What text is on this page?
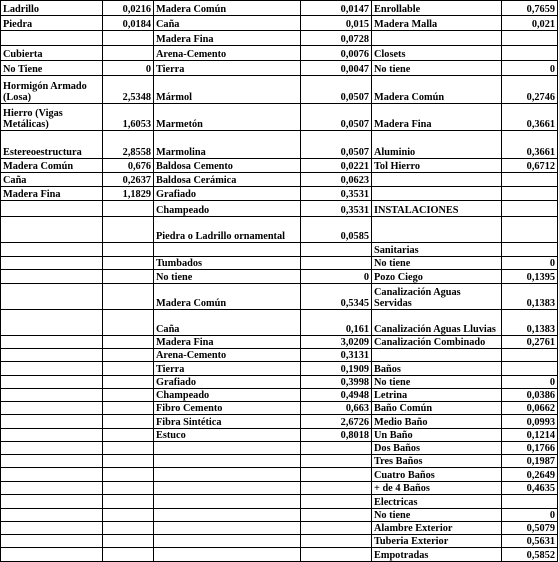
Ladrillo	0,0216	Madera Común	0,0147	Enrollable	0,7659
Piedra	0,0184	Caña	0,015	Madera Malla	0,021
		Madera Fina	0,0728		
Cubierta		Arena-Cemento	0,0076	Closets	
No Tiene	0	Tierra	0,0047	No tiene	0
Hormigón Armado (Losa)	2,5348	Mármol	0,0507	Madera Común	0,2746
Hierro (Vigas Metálicas)	1,6053	Marmetón	0,0507	Madera Fina	0,3661
Estereoestructura	2,8558	Marmolina	0,0507	Aluminio	0,3661
Madera Común	0,676	Baldosa Cemento	0,0221	Tol Hierro	0,6712
Caña	0,2637	Baldosa Cerámica	0,0623		
Madera Fina	1,1829	Grafiado	0,3531		
		Champeado	0,3531	INSTALACIONES	
		Piedra o Ladrillo ornamental	0,0585		
				Sanitarias	
		Tumbados		No tiene	0
		No tiene	0	Pozo Ciego	0,1395
		Madera Común	0,5345	Canalización Aguas Servidas	0,1383
		Caña	0,161	Canalización Aguas Lluvias	0,1383
		Madera Fina	3,0209	Canalización Combinado	0,2761
		Arena-Cemento	0,3131		
		Tierra	0,1909	Baños	
		Grafiado	0,3998	No tiene	0
		Champeado	0,4948	Letrina	0,0386
		Fibro Cemento	0,663	Baño Común	0,0662
		Fibra Sintética	2,6726	Medio Baño	0,0993
		Estuco	0,8018	Un Baño	0,1214
				Dos Baños	0,1766
				Tres Baños	0,1987
				Cuatro Baños	0,2649
				+ de 4 Baños	0,4635
				Electricas	
				No tiene	0
				Alambre Exterior	0,5079
				Tuberia Exterior	0,5631
				Empotradas	0,5852
